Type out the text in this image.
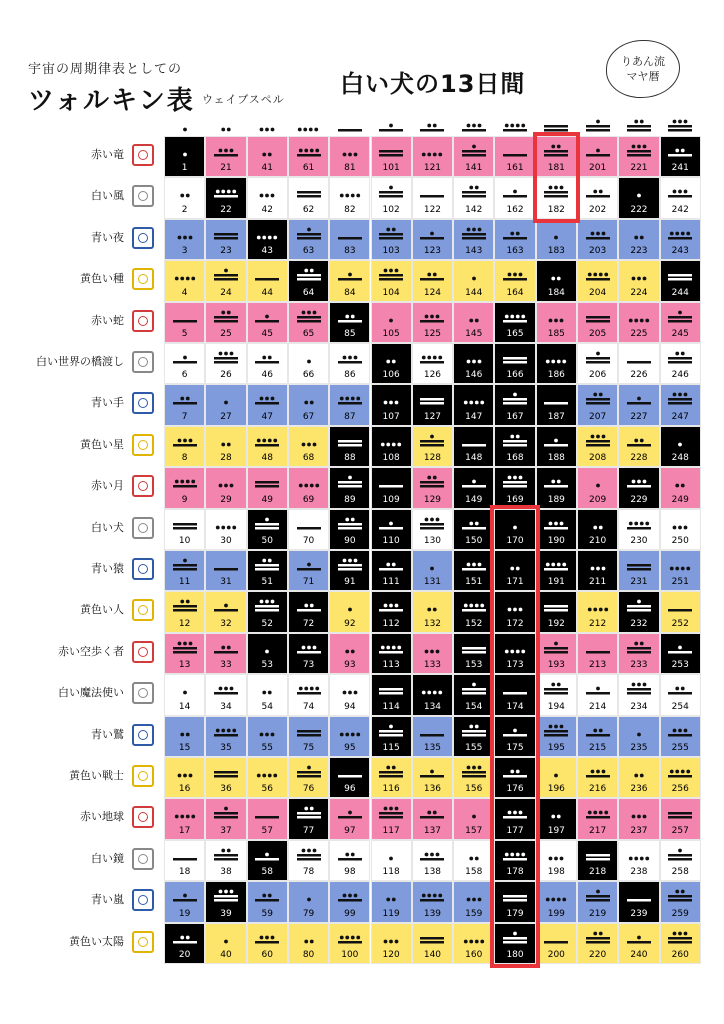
宇宙の周期律表としての
ツォルキン表 ウェイブスペル
白い犬の13日間
りあん流
マヤ暦
赤い竜
白い風
青い夜
黄色い種
赤い蛇
白い世界の橋渡し
青い手
黄色い星
赤い月
白い犬
青い猿
黄色い人
赤い空歩く者
白い魔法使い
青い鷲
黄色い戦士
赤い地球
白い鏡
青い嵐
黄色い太陽
1
2
3
4
5
6
7
8
9
10
11
12
13
14
15
16
17
18
19
20
21
22
23
24
25
26
27
28
29
30
31
32
33
34
35
36
37
38
39
40
41
42
43
44
45
46
47
48
49
50
51
52
53
54
55
56
57
58
59
60
61
62
63
64
65
66
67
68
69
70
71
72
73
74
75
76
77
78
79
80
81
82
83
84
85
86
87
88
89
90
91
92
93
94
95
96
97
98
99
100
101
102
103
104
105
106
107
108
109
110
111
112
113
114
115
116
117
118
119
120
121
122
123
124
125
126
127
128
129
130
131
132
133
134
135
136
137
138
139
140
141
142
143
144
145
146
147
148
149
150
151
152
153
154
155
156
157
158
159
160
161
162
163
164
165
166
167
168
169
170
171
172
173
174
175
176
177
178
179
180
181
182
183
184
185
186
187
188
189
190
191
192
193
194
195
196
197
198
199
200
201
202
203
204
205
206
207
208
209
210
211
212
213
214
215
216
217
218
219
220
221
222
223
224
225
226
227
228
229
230
231
232
233
234
235
236
237
238
239
240
241
242
243
244
245
246
247
248
249
250
251
252
253
254
255
256
257
258
259
260
